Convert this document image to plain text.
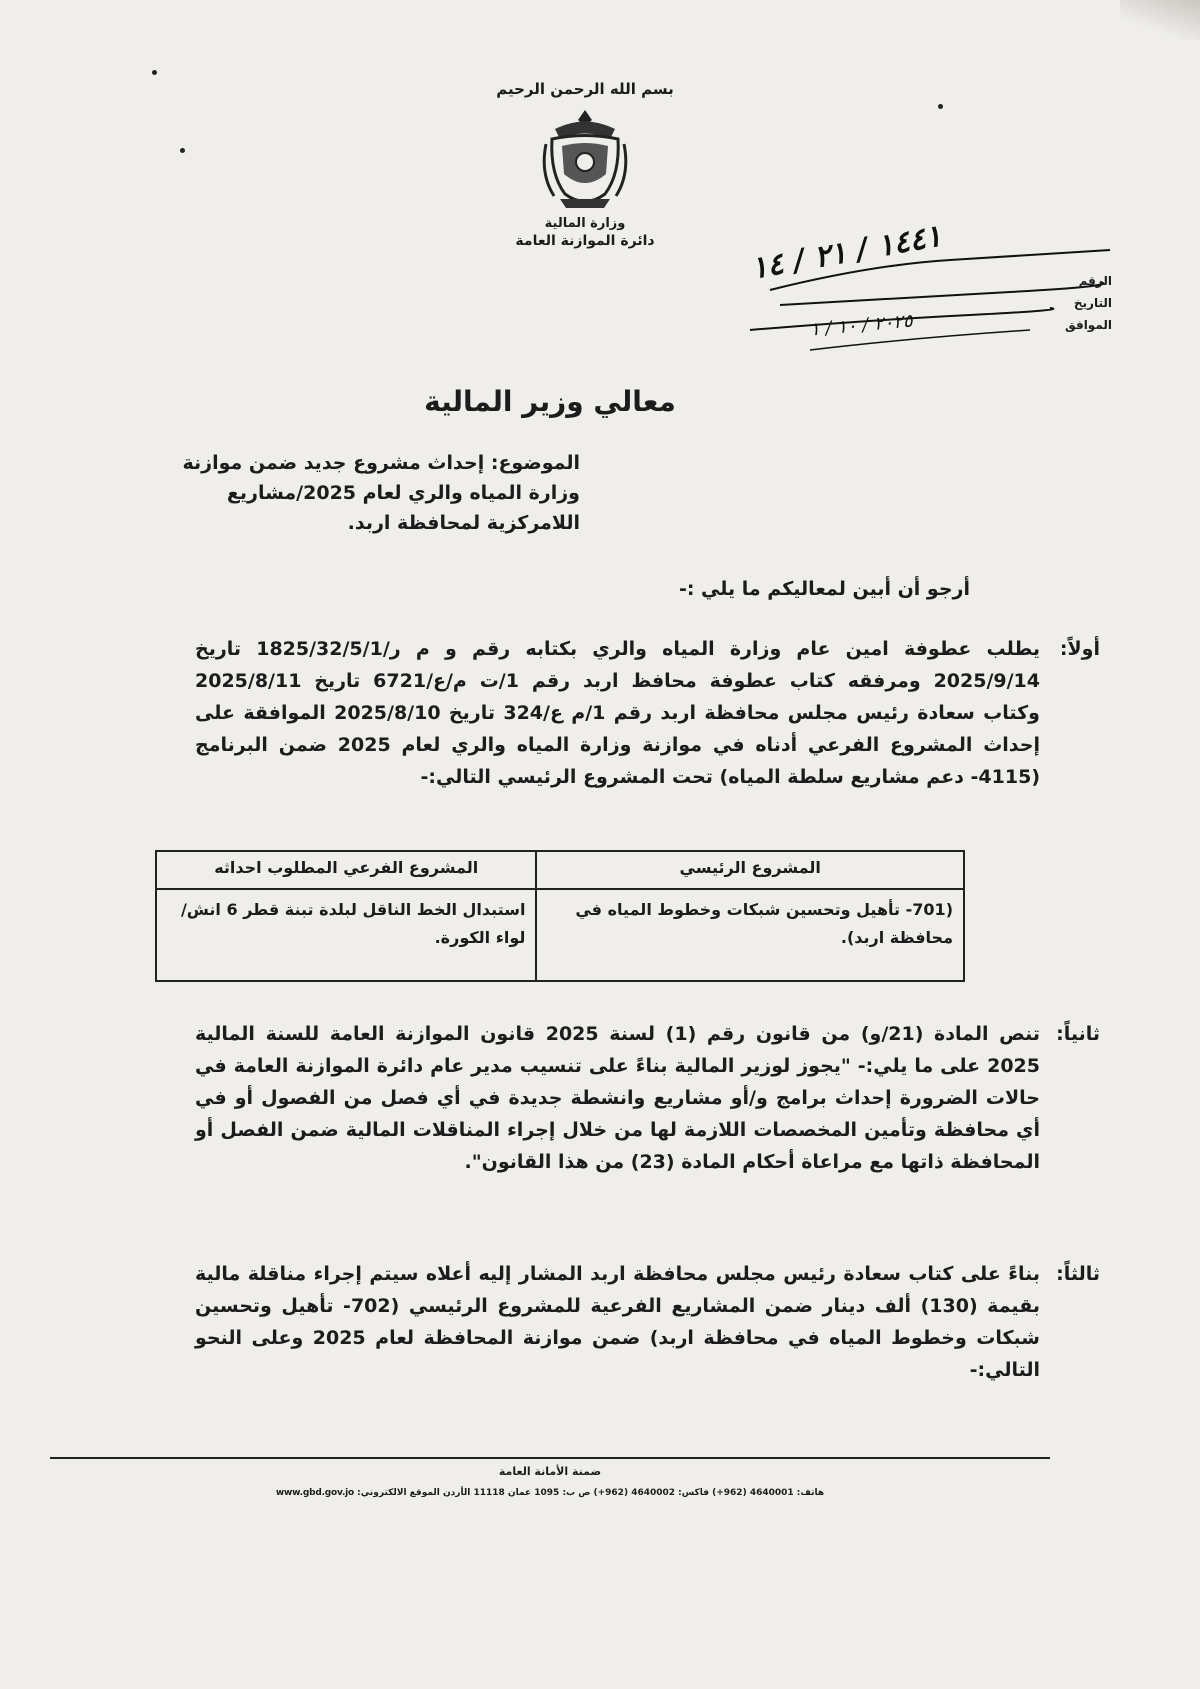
بسم الله الرحمن الرحيم
وزارة المالية
دائرة الموازنة العامة
١٤٤١ / ٢١ / ١٤
٢٠٢٥ / ١٠ / ١
الرقم
التاريخ
الموافق
معالي وزير المالية
الموضوع: إحداث مشروع جديد ضمن موازنة وزارة المياه والري لعام 2025/مشاريع اللامركزية لمحافظة اربد.
أرجو أن أبين لمعاليكم ما يلي :-
أولاً:
يطلب عطوفة امين عام وزارة المياه والري بكتابه رقم و م ر/1825/32/5/1 تاريخ 2025/9/14 ومرفقه كتاب عطوفة محافظ اربد رقم 1/ت م/ع/6721 تاريخ 2025/8/11 وكتاب سعادة رئيس مجلس محافظة اربد رقم 1/م ع/324 تاريخ 2025/8/10 الموافقة على إحداث المشروع الفرعي أدناه في موازنة وزارة المياه والري لعام 2025 ضمن البرنامج (4115- دعم مشاريع سلطة المياه) تحت المشروع الرئيسي التالي:-
المشروع الرئيسي	المشروع الفرعي المطلوب احداثه
(701- تأهيل وتحسين شبكات وخطوط المياه في محافظة اربد).	استبدال الخط الناقل لبلدة تبنة قطر 6 انش/لواء الكورة.
ثانياً:
تنص المادة (21/و) من قانون رقم (1) لسنة 2025 قانون الموازنة العامة للسنة المالية 2025 على ما يلي:- "يجوز لوزير المالية بناءً على تنسيب مدير عام دائرة الموازنة العامة في حالات الضرورة إحداث برامج و/أو مشاريع وانشطة جديدة في أي فصل من الفصول أو في أي محافظة وتأمين المخصصات اللازمة لها من خلال إجراء المناقلات المالية ضمن الفصل أو المحافظة ذاتها مع مراعاة أحكام المادة (23) من هذا القانون".
ثالثاً:
بناءً على كتاب سعادة رئيس مجلس محافظة اربد المشار إليه أعلاه سيتم إجراء مناقلة مالية بقيمة (130) ألف دينار ضمن المشاريع الفرعية للمشروع الرئيسي (702- تأهيل وتحسين شبكات وخطوط المياه في محافظة اربد) ضمن موازنة المحافظة لعام 2025 وعلى النحو التالي:-
ضمنة الأمانة العامة
هاتف: 4640001 (962+) فاكس: 4640002 (962+) ص ب: 1095 عمان 11118 الأردن الموقع الالكتروني: www.gbd.gov.jo
